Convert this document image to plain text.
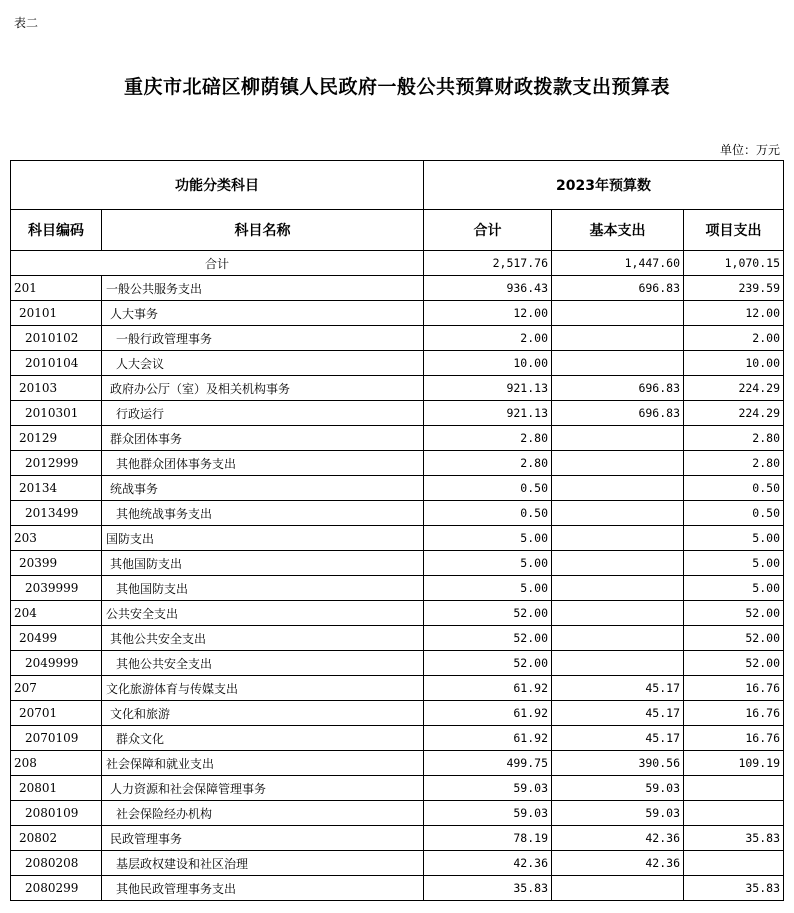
表二
重庆市北碚区柳荫镇人民政府一般公共预算财政拨款支出预算表
单位：万元
功能分类科目		2023年预算数		
科目编码	科目名称	合计	基本支出	项目支出
合计		2,517.76	1,447.60	1,070.15
201	一般公共服务支出	936.43	696.83	239.59
20101	人大事务	12.00		12.00
2010102	一般行政管理事务	2.00		2.00
2010104	人大会议	10.00		10.00
20103	政府办公厅（室）及相关机构事务	921.13	696.83	224.29
2010301	行政运行	921.13	696.83	224.29
20129	群众团体事务	2.80		2.80
2012999	其他群众团体事务支出	2.80		2.80
20134	统战事务	0.50		0.50
2013499	其他统战事务支出	0.50		0.50
203	国防支出	5.00		5.00
20399	其他国防支出	5.00		5.00
2039999	其他国防支出	5.00		5.00
204	公共安全支出	52.00		52.00
20499	其他公共安全支出	52.00		52.00
2049999	其他公共安全支出	52.00		52.00
207	文化旅游体育与传媒支出	61.92	45.17	16.76
20701	文化和旅游	61.92	45.17	16.76
2070109	群众文化	61.92	45.17	16.76
208	社会保障和就业支出	499.75	390.56	109.19
20801	人力资源和社会保障管理事务	59.03	59.03	
2080109	社会保险经办机构	59.03	59.03	
20802	民政管理事务	78.19	42.36	35.83
2080208	基层政权建设和社区治理	42.36	42.36	
2080299	其他民政管理事务支出	35.83		35.83
